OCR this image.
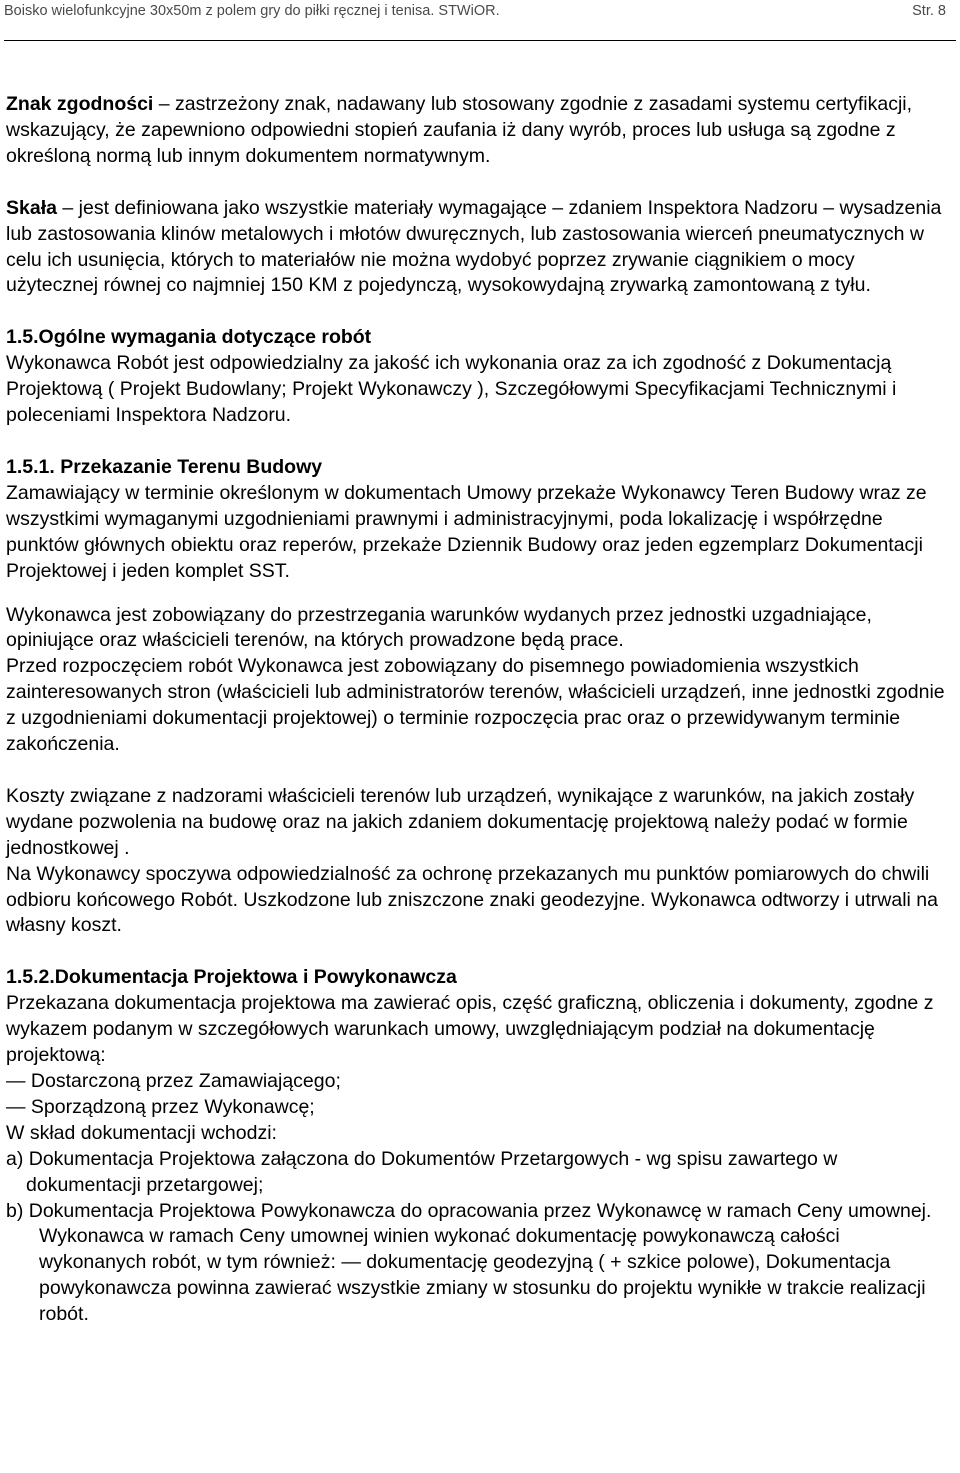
Boisko wielofunkcyjne 30x50m z polem gry do piłki ręcznej i tenisa. STWiOR.	Str. 8

Znak zgodności – zastrzeżony znak, nadawany lub stosowany zgodnie z zasadami systemu certyfikacji, wskazujący, że zapewniono odpowiedni stopień zaufania iż dany wyrób, proces lub usługa są zgodne z określoną normą lub innym dokumentem normatywnym.

Skała – jest definiowana jako wszystkie materiały wymagające – zdaniem Inspektora Nadzoru – wysadzenia lub zastosowania klinów metalowych i młotów dwuręcznych, lub zastosowania wierceń pneumatycznych w celu ich usunięcia, których to materiałów nie można wydobyć poprzez zrywanie ciągnikiem o mocy użytecznej równej co najmniej 150 KM z pojedynczą, wysokowydajną zrywarką zamontowaną z tyłu.

1.5.Ogólne wymagania dotyczące robót

Wykonawca Robót jest odpowiedzialny za jakość ich wykonania oraz za ich zgodność z Dokumentacją Projektową ( Projekt Budowlany; Projekt Wykonawczy ), Szczegółowymi Specyfikacjami Technicznymi i poleceniami Inspektora Nadzoru.

1.5.1. Przekazanie Terenu Budowy

Zamawiający w terminie określonym w dokumentach Umowy przekaże Wykonawcy Teren Budowy wraz ze wszystkimi wymaganymi uzgodnieniami prawnymi i administracyjnymi, poda lokalizację i współrzędne punktów głównych obiektu oraz reperów, przekaże Dziennik Budowy oraz jeden egzemplarz Dokumentacji Projektowej i jeden komplet SST.

Wykonawca jest zobowiązany do przestrzegania warunków wydanych przez jednostki uzgadniające, opiniujące oraz właścicieli terenów, na których prowadzone będą prace.

Przed rozpoczęciem robót Wykonawca jest zobowiązany do pisemnego powiadomienia wszystkich zainteresowanych stron (właścicieli lub administratorów terenów, właścicieli urządzeń, inne jednostki zgodnie z uzgodnieniami dokumentacji projektowej) o terminie rozpoczęcia prac oraz o przewidywanym terminie zakończenia.

Koszty związane z nadzorami właścicieli terenów lub urządzeń, wynikające z warunków, na jakich zostały wydane pozwolenia na budowę oraz na jakich zdaniem dokumentację projektową należy podać w formie jednostkowej .

Na Wykonawcy spoczywa odpowiedzialność za ochronę przekazanych mu punktów pomiarowych do chwili odbioru końcowego Robót. Uszkodzone lub zniszczone znaki geodezyjne. Wykonawca odtworzy i utrwali na własny koszt.

1.5.2.Dokumentacja Projektowa i Powykonawcza

Przekazana dokumentacja projektowa ma zawierać opis, część graficzną, obliczenia i dokumenty, zgodne z wykazem podanym w szczegółowych warunkach umowy, uwzględniającym podział na dokumentację projektową:

— Dostarczoną przez Zamawiającego;

— Sporządzoną przez Wykonawcę;

W skład dokumentacji wchodzi:

a) Dokumentacja Projektowa załączona do Dokumentów Przetargowych - wg spisu zawartego w dokumentacji przetargowej;

b) Dokumentacja Projektowa Powykonawcza do opracowania przez Wykonawcę w ramach Ceny umownej. Wykonawca w ramach Ceny umownej winien wykonać dokumentację powykonawczą całości wykonanych robót, w tym również: — dokumentację geodezyjną ( + szkice polowe), Dokumentacja powykonawcza powinna zawierać wszystkie zmiany w stosunku do projektu wynikłe w trakcie realizacji robót.
